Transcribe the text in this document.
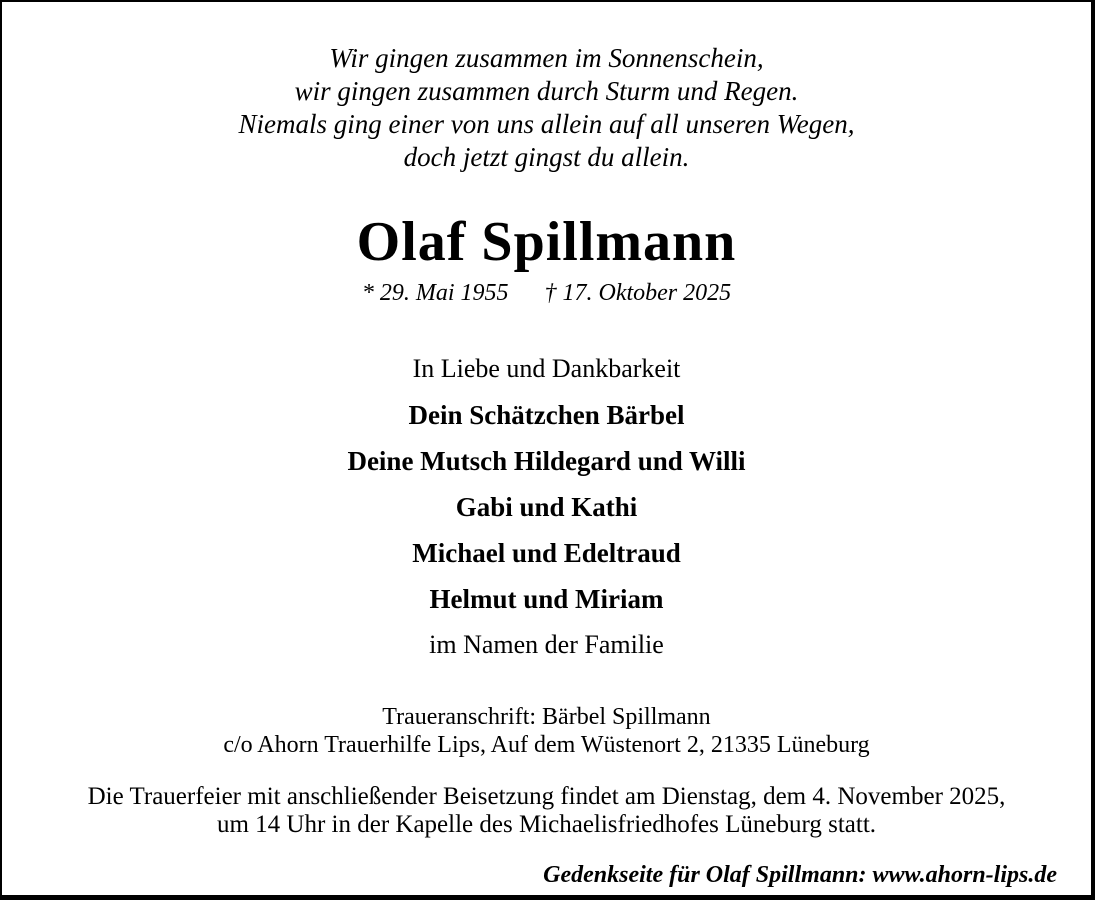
Wir gingen zusammen im Sonnenschein,
wir gingen zusammen durch Sturm und Regen.
Niemals ging einer von uns allein auf all unseren Wegen,
doch jetzt gingst du allein.
Olaf Spillmann
* 29. Mai 1955 † 17. Oktober 2025
In Liebe und Dankbarkeit
Dein Schätzchen Bärbel
Deine Mutsch Hildegard und Willi
Gabi und Kathi
Michael und Edeltraud
Helmut und Miriam
im Namen der Familie
Traueranschrift: Bärbel Spillmann
c/o Ahorn Trauerhilfe Lips, Auf dem Wüstenort 2, 21335 Lüneburg
Die Trauerfeier mit anschließender Beisetzung findet am Dienstag, dem 4. November 2025,
um 14 Uhr in der Kapelle des Michaelisfriedhofes Lüneburg statt.
Gedenkseite für Olaf Spillmann: www.ahorn-lips.de
